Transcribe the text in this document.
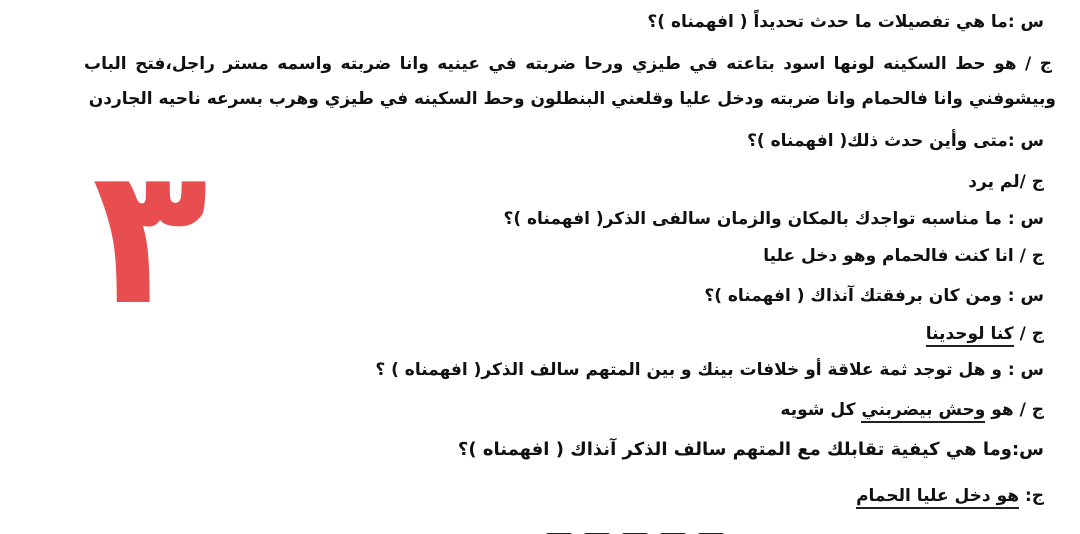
س :ما هي تفصيلات ما حدث تحديداً ( افهمناه )؟
ج / هو حط السكينه لونها اسود بتاعته في طيزي ورحا ضربته في عينيه وانا ضربته واسمه مستر راجل،فتح الباب
وبيشوفني وانا فالحمام وانا ضربته ودخل عليا وقلعني البنطلون وحط السكينه في طيزي وهرب بسرعه ناحيه الجاردن
س :متى وأين حدث ذلك( افهمناه )؟
ج /لم يرد
س : ما مناسبه تواجدك بالمكان والزمان سالفى الذكر( افهمناه )؟
ج / انا كنت فالحمام وهو دخل عليا
س : ومن كان برفقتك آنذاك ( افهمناه )؟
ج / كنا لوحدينا
س : و هل توجد ثمة علاقة أو خلافات بينك و بين المتهم سالف الذكر( افهمناه ) ؟
ج / هو وحش بيضربني كل شويه
س:وما هي كيفية تقابلك مع المتهم سالف الذكر آنذاك ( افهمناه )؟
ج: هو دخل عليا الحمام
٣
